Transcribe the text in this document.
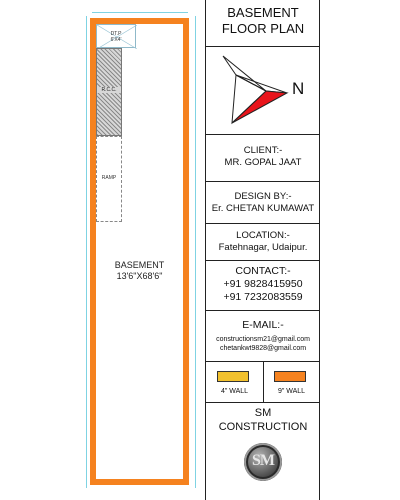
DT.P
6'X4'
R.C.C.
RAMP
BASEMENT
13'6"X68'6"
BASEMENT
FLOOR PLAN
N
CLIENT:-
MR. GOPAL JAAT
DESIGN BY:-
Er. CHETAN KUMAWAT
LOCATION:-
Fatehnagar, Udaipur.
CONTACT:-
+91 9828415950
+91 7232083559
E-MAIL:-
constructionsm21@gmail.com
chetankwt9828@gmail.com
4" WALL	9" WALL
SM
CONSTRUCTION
SM
